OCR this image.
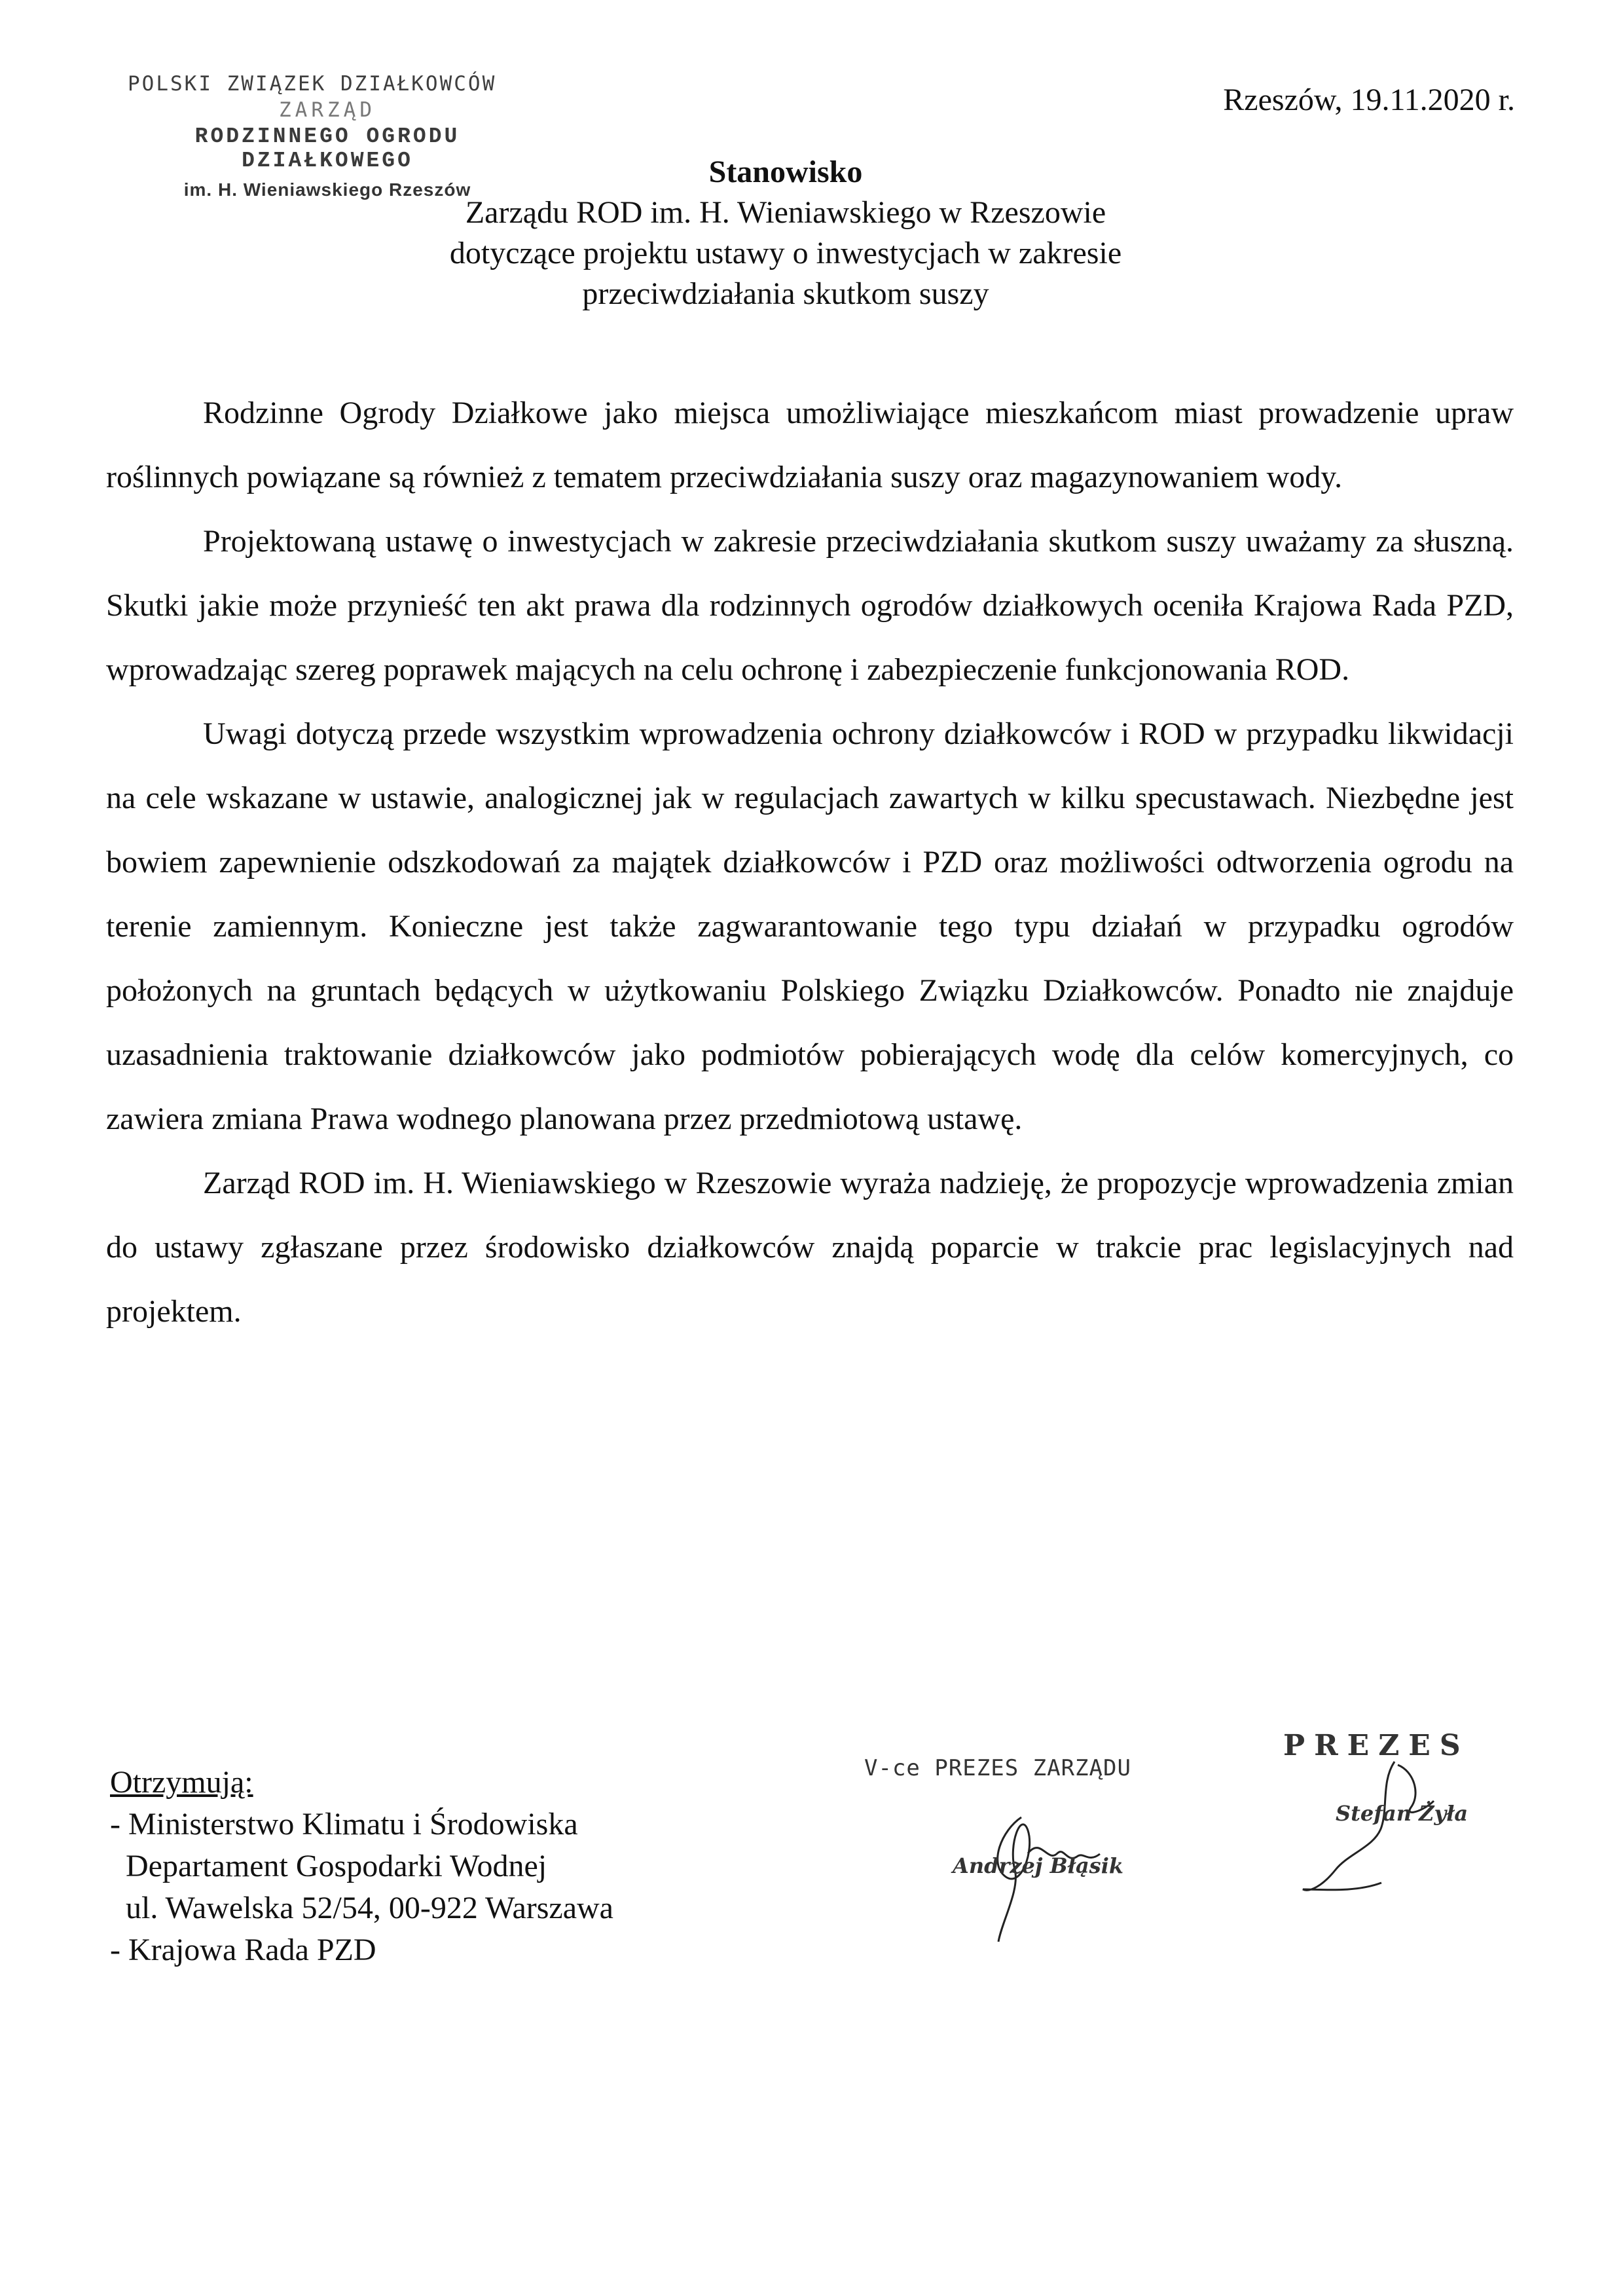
POLSKI ZWIĄZEK DZIAŁKOWCÓW
ZARZĄD
RODZINNEGO OGRODU DZIAŁKOWEGO
im. H. Wieniawskiego Rzeszów
Rzeszów, 19.11.2020 r.
Stanowisko
Zarządu ROD im. H. Wieniawskiego w Rzeszowie
dotyczące projektu ustawy o inwestycjach w zakresie
przeciwdziałania skutkom suszy

Rodzinne Ogrody Działkowe jako miejsca umożliwiające mieszkańcom miast prowadzenie upraw roślinnych powiązane są również z tematem przeciwdziałania suszy oraz magazynowaniem wody.

Projektowaną ustawę o inwestycjach w zakresie przeciwdziałania skutkom suszy uważamy za słuszną. Skutki jakie może przynieść ten akt prawa dla rodzinnych ogrodów działkowych oceniła Krajowa Rada PZD, wprowadzając szereg poprawek mających na celu ochronę i zabezpieczenie funkcjonowania ROD.

Uwagi dotyczą przede wszystkim wprowadzenia ochrony działkowców i ROD w przypadku likwidacji na cele wskazane w ustawie, analogicznej jak w regulacjach zawartych w kilku specustawach. Niezbędne jest bowiem zapewnienie odszkodowań za majątek działkowców i PZD oraz możliwości odtworzenia ogrodu na terenie zamiennym. Konieczne jest także zagwarantowanie tego typu działań w przypadku ogrodów położonych na gruntach będących w użytkowaniu Polskiego Związku Działkowców. Ponadto nie znajduje uzasadnienia traktowanie działkowców jako podmiotów pobierających wodę dla celów komercyjnych, co zawiera zmiana Prawa wodnego planowana przez przedmiotową ustawę.

Zarząd ROD im. H. Wieniawskiego w Rzeszowie wyraża nadzieję, że propozycje wprowadzenia zmian do ustawy zgłaszane przez środowisko działkowców znajdą poparcie w trakcie prac legislacyjnych nad projektem.

Otrzymują:
- Ministerstwo Klimatu i Środowiska
Departament Gospodarki Wodnej
ul. Wawelska 52/54, 00-922 Warszawa
- Krajowa Rada PZD
V-ce PREZES ZARZĄDU
Andrzej Błąsik
PREZES
Stefan Żyła
